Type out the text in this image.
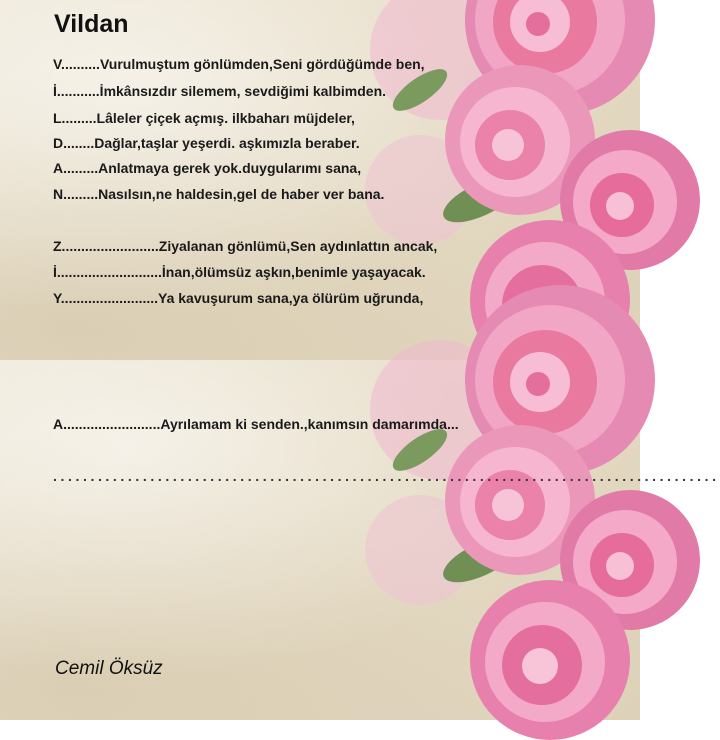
Vildan

V..........Vurulmuştum gönlümden,Seni gördüğümde ben,

İ...........İmkânsızdır silemem, sevdiğimi kalbimden.

L.........Lâleler çiçek açmış. ilkbaharı müjdeler,

D........Dağlar,taşlar yeşerdi. aşkımızla beraber.

A.........Anlatmaya gerek yok.duygularımı sana,

N.........Nasılsın,ne haldesin,gel de haber ver bana.

Z.........................Ziyalanan gönlümü,Sen aydınlattın ancak,

İ...........................İnan,ölümsüz aşkın,benimle yaşayacak.

Y.........................Ya kavuşurum sana,ya ölürüm uğrunda,

A.........................Ayrılamam ki senden.,kanımsın damarımda...

.........................................................................................

Cemil Öksüz
